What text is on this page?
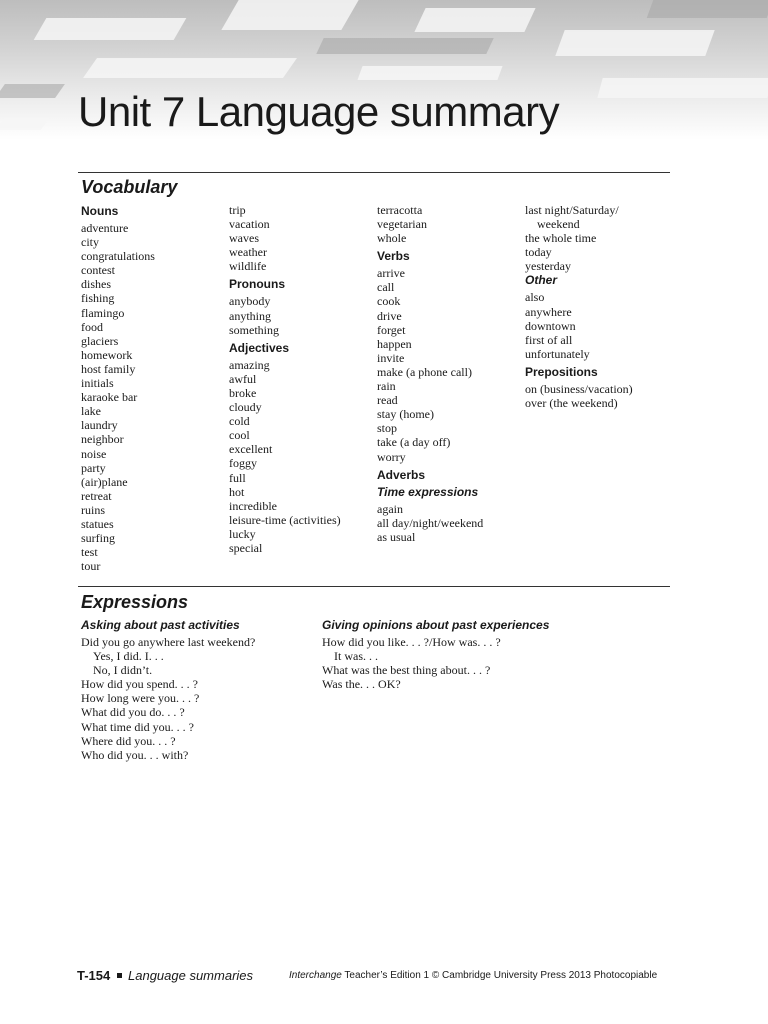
Unit 7 Language summary
Vocabulary
Nouns
adventure
city
congratulations
contest
dishes
fishing
flamingo
food
glaciers
homework
host family
initials
karaoke bar
lake
laundry
neighbor
noise
party
(air)plane
retreat
ruins
statues
surfing
test
tour
trip
vacation
waves
weather
wildlife
Pronouns
anybody
anything
something
Adjectives
amazing
awful
broke
cloudy
cold
cool
excellent
foggy
full
hot
incredible
leisure-time (activities)
lucky
special
terracotta
vegetarian
whole
Verbs
arrive
call
cook
drive
forget
happen
invite
make (a phone call)
rain
read
stay (home)
stop
take (a day off)
worry
Adverbs
Time expressions
again
all day/night/weekend
as usual
last night/Saturday/
weekend
the whole time
today
yesterday
Other
also
anywhere
downtown
first of all
unfortunately
Prepositions
on (business/vacation)
over (the weekend)
Expressions
Asking about past activities
Did you go anywhere last weekend?
Yes, I did. I. . .
No, I didn’t.
How did you spend. . . ?
How long were you. . . ?
What did you do. . . ?
What time did you. . . ?
Where did you. . . ?
Who did you. . . with?
Giving opinions about past experiences
How did you like. . . ?/How was. . . ?
It was. . .
What was the best thing about. . . ?
Was the. . . OK?
T-154 Language summaries	Interchange Teacher’s Edition 1 © Cambridge University Press 2013 Photocopiable
